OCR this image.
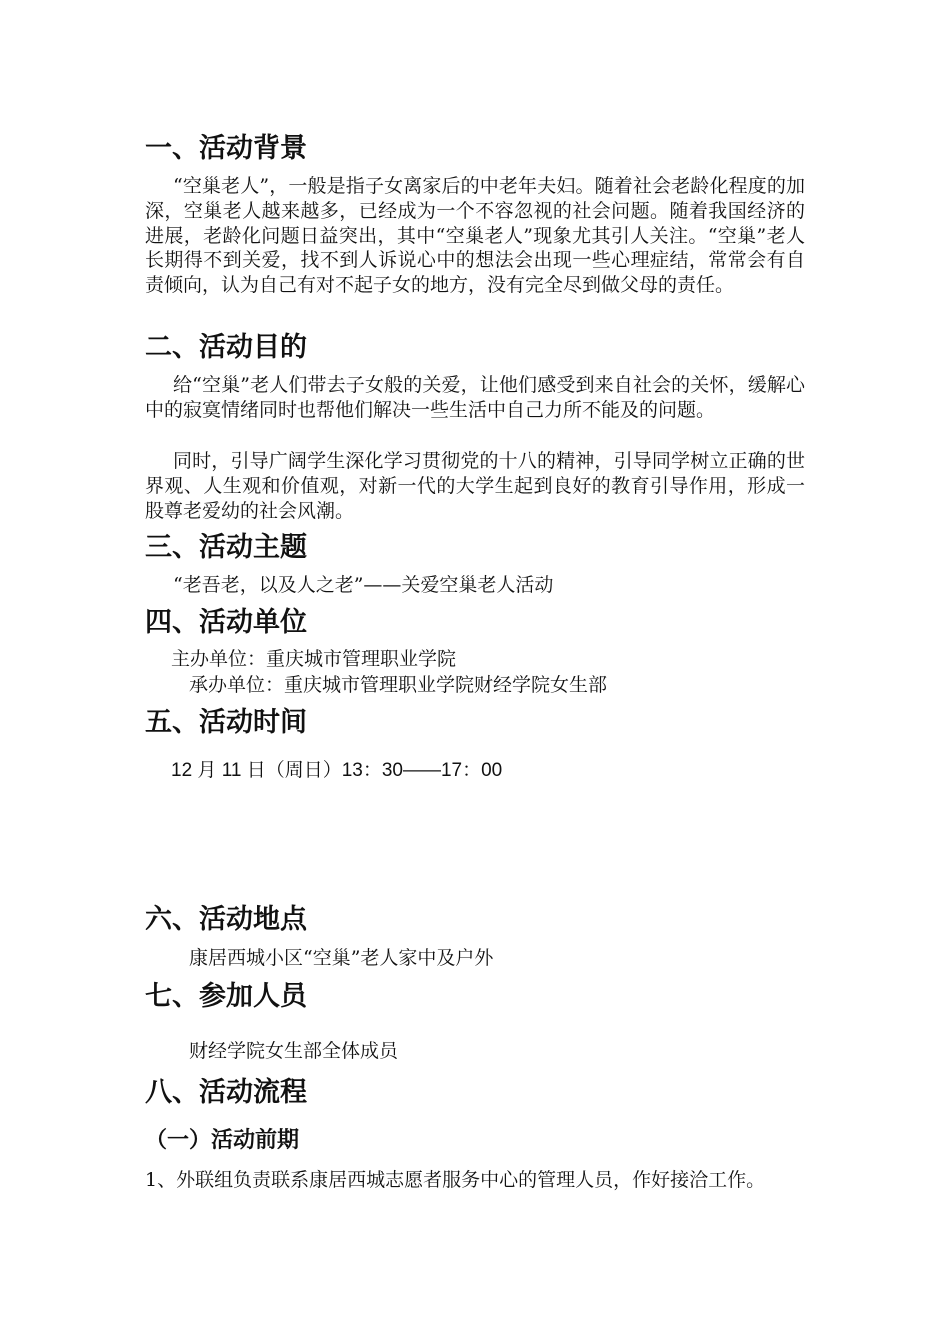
一、活动背景

“空巢老人”，一般是指子女离家后的中老年夫妇。随着社会老龄化程度的加深，空巢老人越来越多，已经成为一个不容忽视的社会问题。随着我国经济的进展，老龄化问题日益突出，其中“空巢老人”现象尤其引人关注。“空巢”老人长期得不到关爱，找不到人诉说心中的想法会出现一些心理症结，常常会有自责倾向，认为自己有对不起子女的地方，没有完全尽到做父母的责任。

二、活动目的

给“空巢”老人们带去子女般的关爱，让他们感受到来自社会的关怀，缓解心中的寂寞情绪同时也帮他们解决一些生活中自己力所不能及的问题。

同时，引导广阔学生深化学习贯彻党的十八的精神，引导同学树立正确的世界观、人生观和价值观，对新一代的大学生起到良好的教育引导作用，形成一股尊老爱幼的社会风潮。

三、活动主题

“老吾老，以及人之老”——关爱空巢老人活动

四、活动单位

主办单位：重庆城市管理职业学院

承办单位：重庆城市管理职业学院财经学院女生部

五、活动时间

12 月 11 日（周日）13：30——17：00

六、活动地点

康居西城小区“空巢”老人家中及户外

七、参加人员

财经学院女生部全体成员

八、活动流程
（一）活动前期

1、外联组负责联系康居西城志愿者服务中心的管理人员，作好接洽工作。
